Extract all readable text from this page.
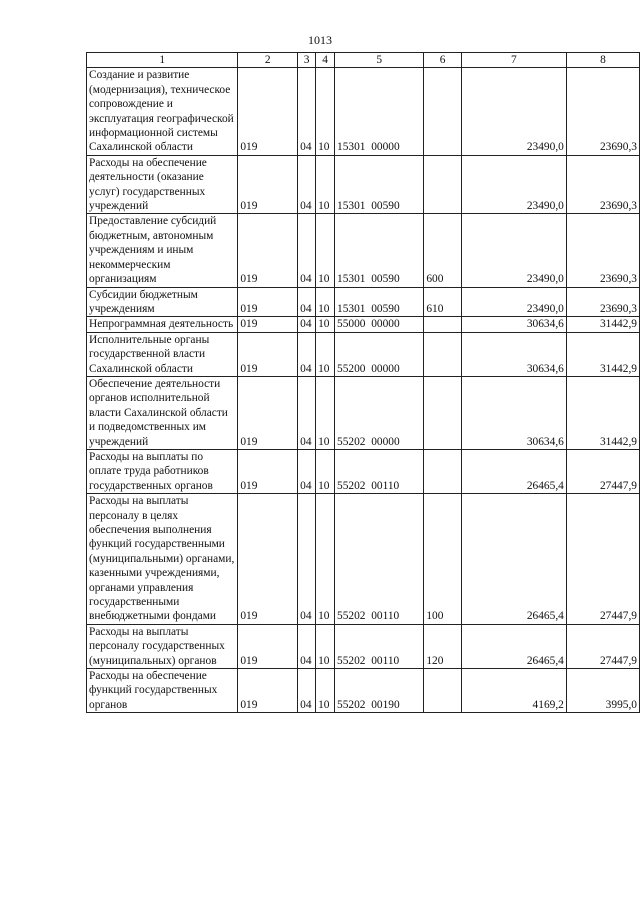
1013
1	2	3	4	5	6	7	8
Создание и развитие (модернизация), техническое сопровождение и эксплуатация географической информационной системы Сахалинской области	019	04	10	15301  00000		23490,0	23690,3
Расходы на обеспечение деятельности (оказание услуг) государственных учреждений	019	04	10	15301  00590		23490,0	23690,3
Предоставление субсидий бюджетным, автономным учреждениям и иным некоммерческим организациям	019	04	10	15301  00590	600	23490,0	23690,3
Субсидии бюджетным учреждениям	019	04	10	15301  00590	610	23490,0	23690,3
Непрограммная деятельность	019	04	10	55000  00000		30634,6	31442,9
Исполнительные органы государственной власти Сахалинской области	019	04	10	55200  00000		30634,6	31442,9
Обеспечение деятельности органов исполнительной власти Сахалинской области и подведомственных им учреждений	019	04	10	55202  00000		30634,6	31442,9
Расходы на выплаты по оплате труда работников государственных органов	019	04	10	55202  00110		26465,4	27447,9
Расходы на выплаты персоналу в целях обеспечения выполнения функций государственными (муниципальными) органами, казенными учреждениями, органами управления государственными внебюджетными фондами	019	04	10	55202  00110	100	26465,4	27447,9
Расходы на выплаты персоналу государственных (муниципальных) органов	019	04	10	55202  00110	120	26465,4	27447,9
Расходы на обеспечение функций государственных органов	019	04	10	55202  00190		4169,2	3995,0
